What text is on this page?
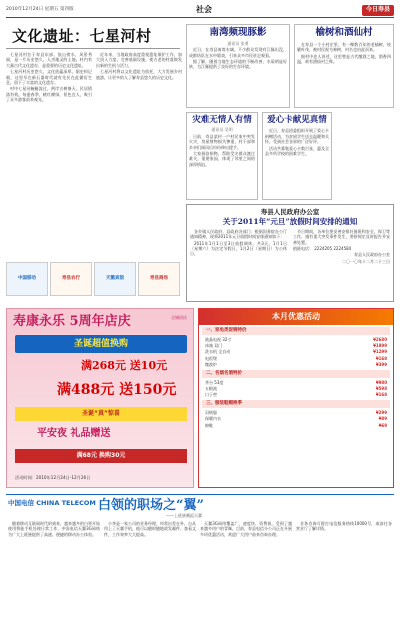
2010年12月24日 星期五 第四版	社会	今日寿县
文化遗址：七星河村

七星河村位于寿县东部，依山傍水，风景秀丽，是一片历史悠久、人杰地灵的土地。村内有大量古代文化遗存，是重要的历史文化遗址。

七星河村历史悠久，文化底蕴深厚。据史料记载，这里早在新石器时代就有先民在此繁衍生息，留下了丰富的文化遗存。

村中七星河蜿蜒流过，两岸古树参天，民居错落有致。每逢春季，桃红柳绿，景色宜人，吸引了众多游客前来观光。

近年来，当地政府高度重视遗址保护工作，加大投入力度，完善基础设施，使古老的村落焕发出新的生机与活力。

七星河村将以文化遗址为依托，大力发展乡村旅游，让更多的人了解寿县悠久的历史文化。

中国移动	寿县农行	天鹅宾馆	寿县商场
南湾频现豚影
通讯员 张勇

近日，在寿县南湾水域，不少群众发现有江豚出没，成群结队在水中嬉戏，引来众多市民驻足观看。

据了解，随着当地生态环境的不断改善，水质明显好转，为江豚提供了良好的生存环境。

榆树和酒仙村

在寿县一个小村庄里，有一棵数百年的老榆树，枝繁叶茂，被村民视为神树，村名也由此而来。

据村中老人讲述，这里曾是古代酿酒之地，酒香四溢，故有酒仙村之称。

灾难无情人有情
通讯员 吴明

日前，寿县某村一户村民家中突发火灾，房屋财物损失惨重，村干部和乡亲们闻讯后纷纷伸出援手。

大家捐款捐物，帮助受灾群众渡过难关，重建家园，体现了邻里之间的深厚情谊。

爱心卡献见真情

近日，寿县团委组织开展了爱心卡捐赠活动，为贫困学生送去温暖和关怀，受到社会各界的广泛好评。

活动共募集爱心卡数百张，惠及全县多所学校的困难学生。

寿县人民政府办公室
关于2011年“元旦”放假时间安排的通知

各乡镇人民政府，县政府各部门：根据国务院办公厅通知精神，现将2011年元旦放假时间安排通知如下：

2011年1月1日至3日放假调休，共3天。1月1日（星期六）为法定节假日，1月2日（星期日）为公休日。

节日期间，各单位要妥善安排好值班和安全、保卫等工作，遇有重大突发事件发生，要按规定及时报告并妥善处置。

值班电话： 2224205 2224584

寿县人民政府办公室

二〇一〇年十二月二十三日

寿康永乐 5周年店庆	全城同庆
圣诞超值换购
满268元 送10元
满488元 送150元
圣诞“真”惊喜
平安夜 礼品赠送
满68元 换购30元
活动时间：2010年12月24日-12月26日
本月优惠活动
一、家电类促销特价
液晶电视 32寸	¥2680
冰箱 双门	¥1899
洗衣机 全自动	¥1299
电饭煲	¥168
微波炉	¥399
二、名烟名酒特价
茅台 53度	¥980
五粮液	¥598
口子窖	¥168
三、服装鞋帽换季
羽绒服	¥299
保暖内衣	¥89
棉鞋	¥69
中国电信 CHINA TELECOM 白领的职场之“翼”
——上班族邂逅天翼

随着移动互联网时代的到来，越来越多的白领开始使用智能手机处理日常工作。中国电信天翼3G网络为广大上班族提供了高速、便捷的移动办公体验。

小李是一家公司的业务经理，经常出差在外。自从用上了天翼手机，他可以随时随地收发邮件、查看文件，工作效率大大提高。

天翼3G网络覆盖广、速度快、资费低，受到了越来越多用户的青睐。目前，寿县电信分公司正在开展多项优惠活动，欢迎广大用户前来咨询办理。

业务咨询可拨打电信服务热线10000号，或前往各营业厅了解详情。
